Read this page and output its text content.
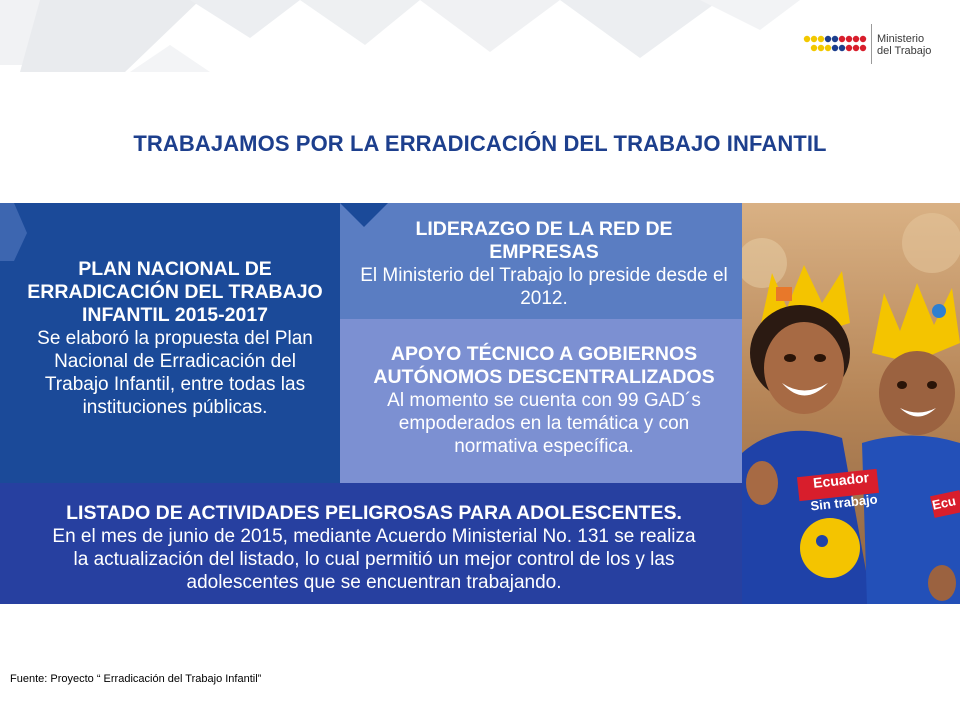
Ministerio
del Trabajo
TRABAJAMOS POR LA ERRADICACIÓN DEL TRABAJO INFANTIL
PLAN NACIONAL DE
ERRADICACIÓN DEL TRABAJO
INFANTIL 2015-2017
Se elaboró la propuesta del Plan
Nacional de Erradicación del
Trabajo Infantil, entre todas las
instituciones públicas.
LIDERAZGO DE LA RED DE
EMPRESAS
El Ministerio del Trabajo lo preside desde el
2012.
APOYO TÉCNICO A GOBIERNOS
AUTÓNOMOS DESCENTRALIZADOS
Al momento se cuenta con 99 GAD´s
empoderados en la temática y con
normativa específica.
LISTADO DE ACTIVIDADES PELIGROSAS PARA ADOLESCENTES.
En el mes de junio de 2015, mediante Acuerdo Ministerial No. 131 se realiza
la actualización del listado, lo cual permitió un mejor control de los y las
adolescentes que se encuentran trabajando.
Ecuador
Sin trabajo	Ecu
Fuente: Proyecto “ Erradicación del Trabajo Infantil”
